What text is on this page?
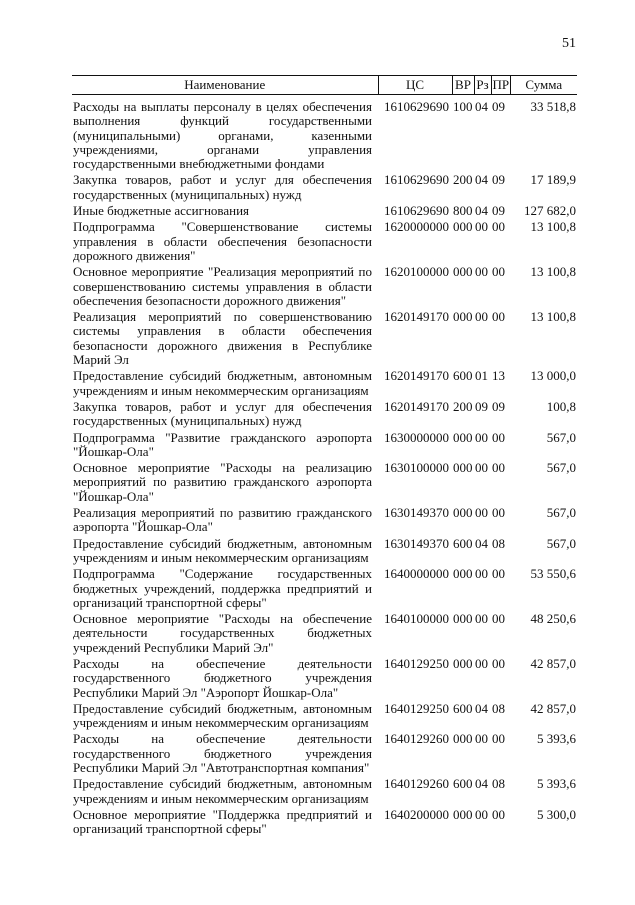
51
Наименование	ЦС	ВР	Рз	ПР	Сумма
Расходы на выплаты персоналу в целях обеспечения выполнения функций государственными (муниципальными) органами, казенными учреждениями, органами управления государственными внебюджетными фондами	1610629690	100	04	09	33 518,8
Закупка товаров, работ и услуг для обеспечения государственных (муниципальных) нужд	1610629690	200	04	09	17 189,9
Иные бюджетные ассигнования	1610629690	800	04	09	127 682,0
Подпрограмма "Совершенствование системы управления в области обеспечения безопасности дорожного движения"	1620000000	000	00	00	13 100,8
Основное мероприятие "Реализация мероприятий по совершенствованию системы управления в области обеспечения безопасности дорожного движения"	1620100000	000	00	00	13 100,8
Реализация мероприятий по совершенствованию системы управления в области обеспечения безопасности дорожного движения в Республике Марий Эл	1620149170	000	00	00	13 100,8
Предоставление субсидий бюджетным, автономным учреждениям и иным некоммерческим организациям	1620149170	600	01	13	13 000,0
Закупка товаров, работ и услуг для обеспечения государственных (муниципальных) нужд	1620149170	200	09	09	100,8
Подпрограмма "Развитие гражданского аэропорта "Йошкар-Ола"	1630000000	000	00	00	567,0
Основное мероприятие "Расходы на реализацию мероприятий по развитию гражданского аэропорта "Йошкар-Ола"	1630100000	000	00	00	567,0
Реализация мероприятий по развитию гражданского аэропорта "Йошкар-Ола"	1630149370	000	00	00	567,0
Предоставление субсидий бюджетным, автономным учреждениям и иным некоммерческим организациям	1630149370	600	04	08	567,0
Подпрограмма "Содержание государственных бюджетных учреждений, поддержка предприятий и организаций транспортной сферы"	1640000000	000	00	00	53 550,6
Основное мероприятие "Расходы на обеспечение деятельности государственных бюджетных учреждений Республики Марий Эл"	1640100000	000	00	00	48 250,6
Расходы на обеспечение деятельности государственного бюджетного учреждения Республики Марий Эл "Аэропорт Йошкар-Ола"	1640129250	000	00	00	42 857,0
Предоставление субсидий бюджетным, автономным учреждениям и иным некоммерческим организациям	1640129250	600	04	08	42 857,0
Расходы на обеспечение деятельности государственного бюджетного учреждения Республики Марий Эл "Автотранспортная компания"	1640129260	000	00	00	5 393,6
Предоставление субсидий бюджетным, автономным учреждениям и иным некоммерческим организациям	1640129260	600	04	08	5 393,6
Основное мероприятие "Поддержка предприятий и организаций транспортной сферы"	1640200000	000	00	00	5 300,0
